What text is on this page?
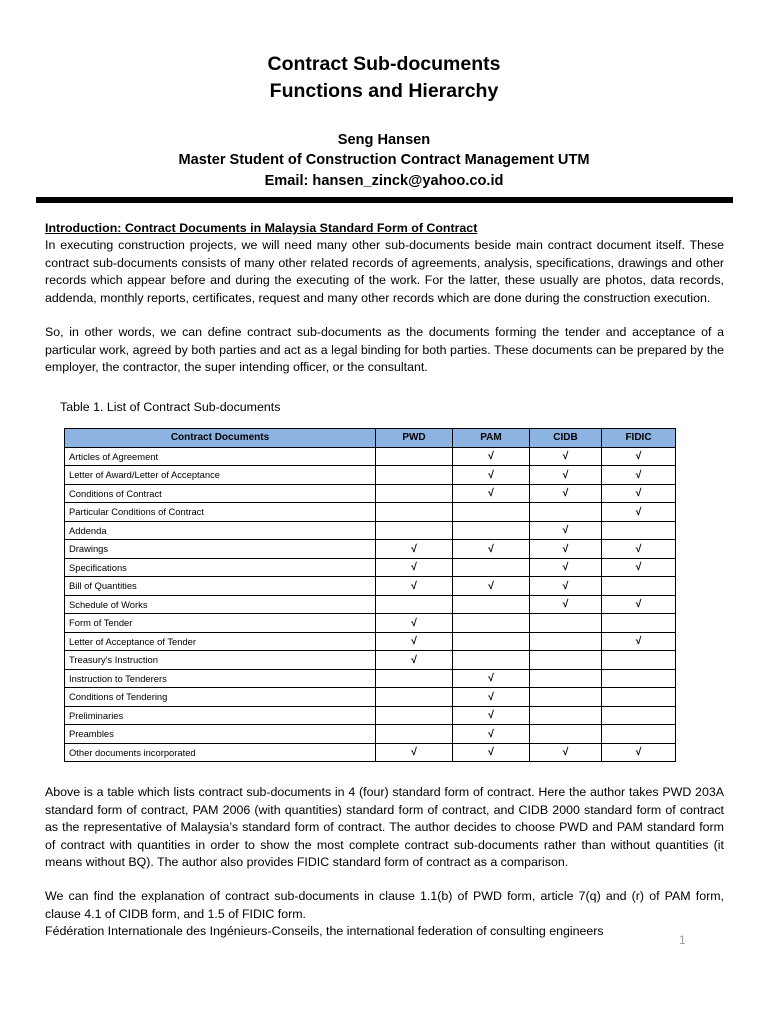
Contract Sub-documents
Functions and Hierarchy
Seng Hansen
Master Student of Construction Contract Management UTM
Email: hansen_zinck@yahoo.co.id
Introduction: Contract Documents in Malaysia Standard Form of Contract
In executing construction projects, we will need many other sub-documents beside main contract document itself. These contract sub-documents consists of many other related records of agreements, analysis, specifications, drawings and other records which appear before and during the executing of the work. For the latter, these usually are photos, data records, addenda, monthly reports, certificates, request and many other records which are done during the construction execution.
So, in other words, we can define contract sub-documents as the documents forming the tender and acceptance of a particular work, agreed by both parties and act as a legal binding for both parties. These documents can be prepared by the employer, the contractor, the super intending officer, or the consultant.
Table 1. List of Contract Sub-documents
Contract Documents	PWD	PAM	CIDB	FIDIC
Articles of Agreement		√	√	√
Letter of Award/Letter of Acceptance		√	√	√
Conditions of Contract		√	√	√
Particular Conditions of Contract				√
Addenda			√	
Drawings	√	√	√	√
Specifications	√		√	√
Bill of Quantities	√	√	√	
Schedule of Works			√	√
Form of Tender	√			
Letter of Acceptance of Tender	√			√
Treasury's Instruction	√			
Instruction to Tenderers		√		
Conditions of Tendering		√		
Preliminaries		√		
Preambles		√		
Other documents incorporated	√	√	√	√
Above is a table which lists contract sub-documents in 4 (four) standard form of contract. Here the author takes PWD 203A standard form of contract, PAM 2006 (with quantities) standard form of contract, and CIDB 2000 standard form of contract as the representative of Malaysia’s standard form of contract. The author decides to choose PWD and PAM standard form of contract with quantities in order to show the most complete contract sub-documents rather than without quantities (it means without BQ). The author also provides FIDIC standard form of contract as a comparison.
We can find the explanation of contract sub-documents in clause 1.1(b) of PWD form, article 7(q) and (r) of PAM form, clause 4.1 of CIDB form, and 1.5 of FIDIC form.
Fédération Internationale des Ingénieurs-Conseils, the international federation of consulting engineers
1
